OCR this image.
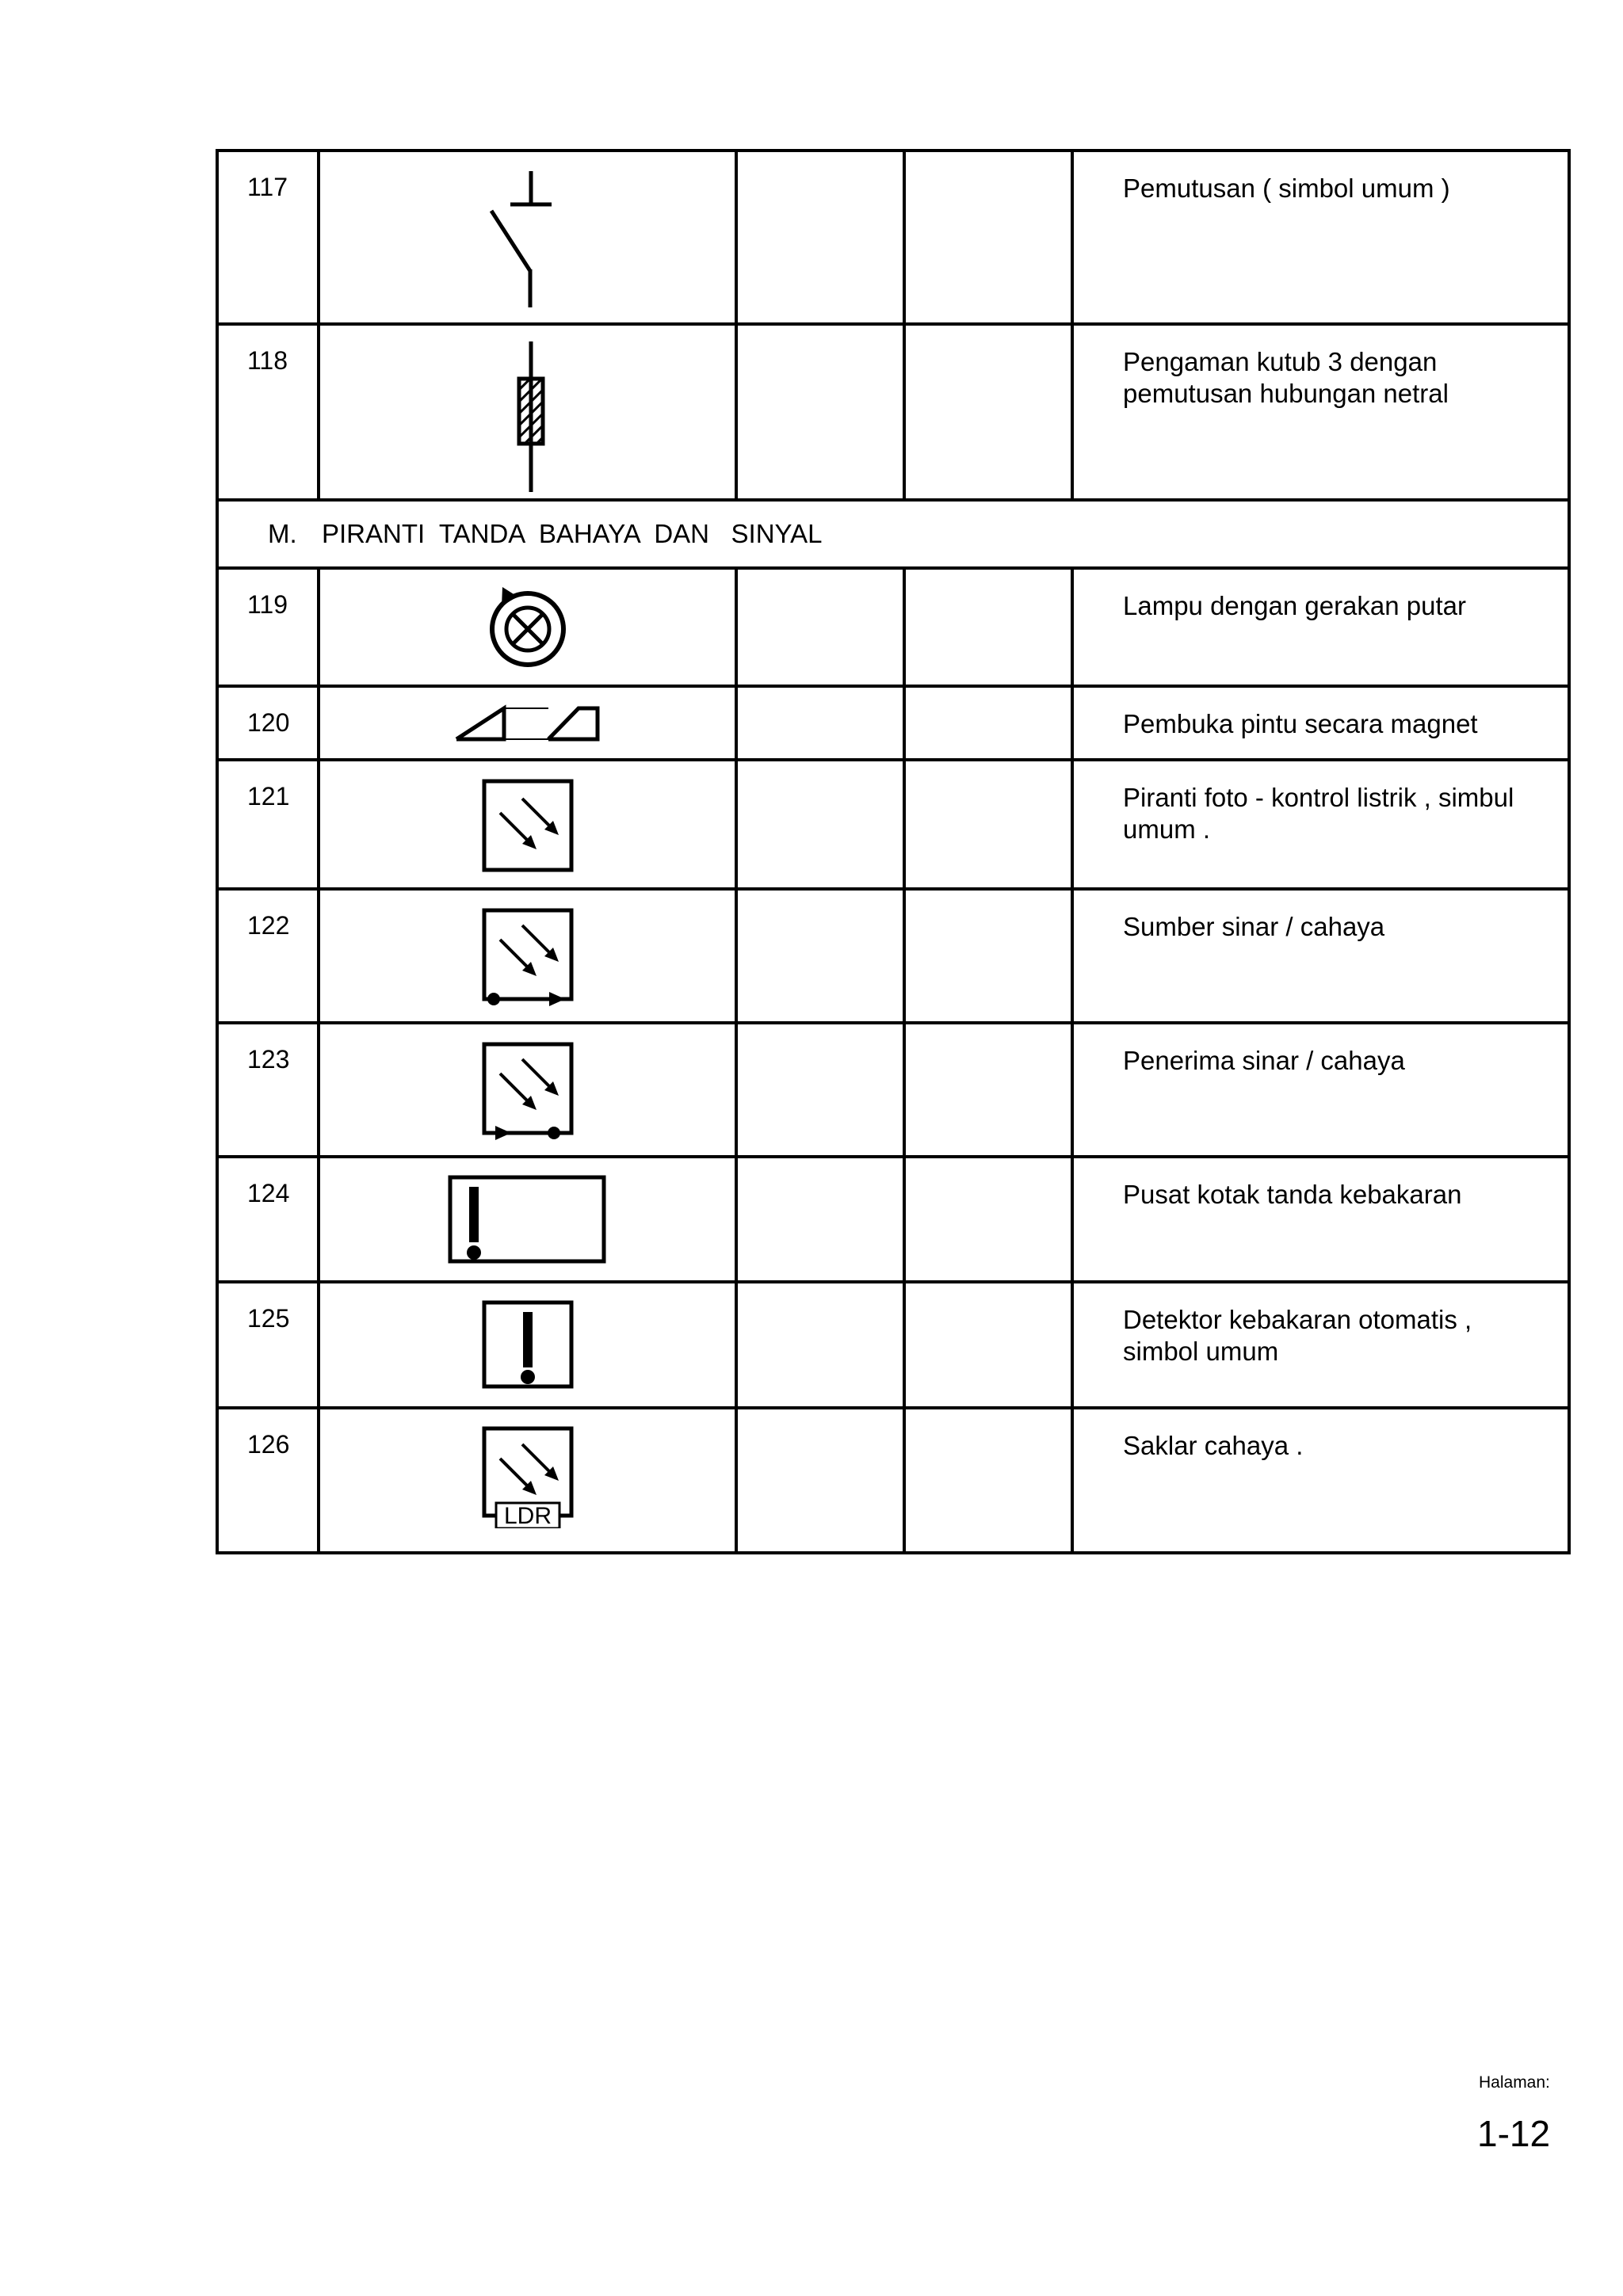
117				Pemutusan ( simbol umum )
118				Pengaman kutub 3 dengan
pemutusan hubungan netral

M. PIRANTI  TANDA  BAHAYA  DAN   SINYAL				
119				Lampu dengan gerakan putar
120				Pembuka pintu secara magnet
121				Piranti foto - kontrol listrik , simbul
umum .

122				Sumber sinar / cahaya
123				Penerima sinar / cahaya
124				Pusat kotak tanda kebakaran
125				Detektor kebakaran otomatis ,
simbol umum

126	LDR			Saklar cahaya .
Halaman:
1-12
